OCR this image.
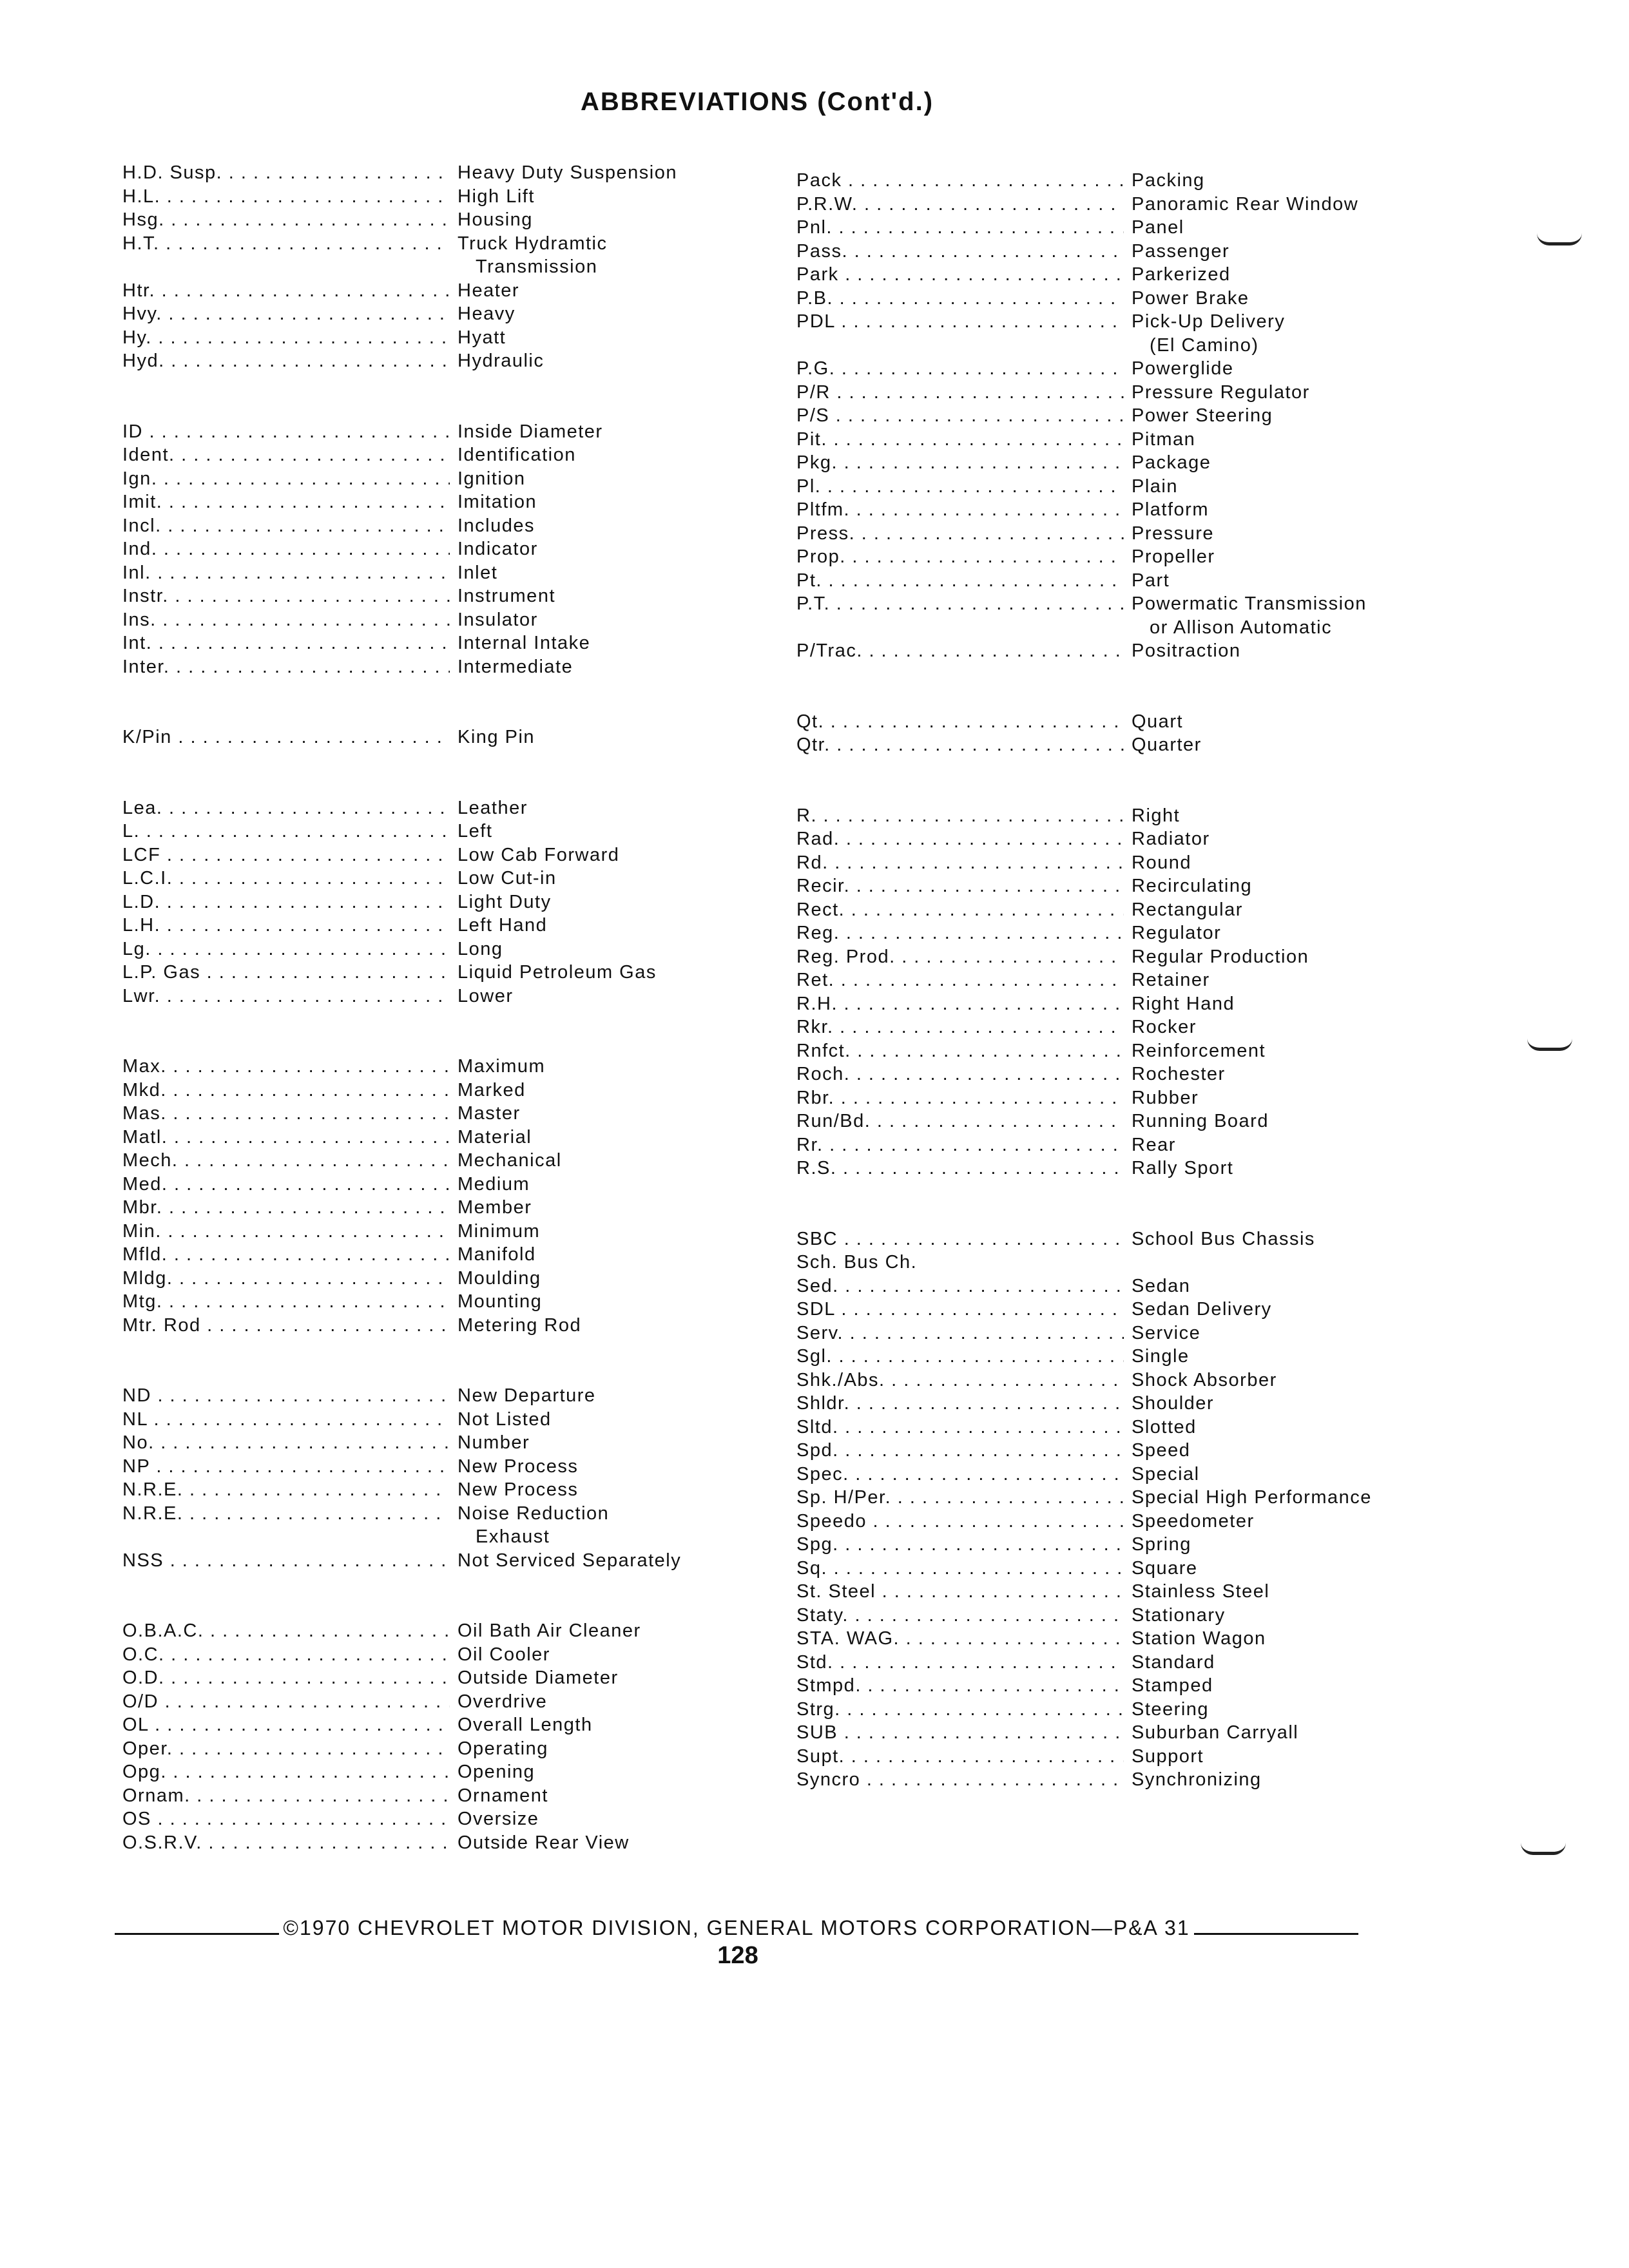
ABBREVIATIONS (Cont'd.)
H.D. Susp. . . .	Heavy Duty Suspension
H.L. . . .	High Lift
Hsg. . . .	Housing
H.T. . . .	Truck Hydramtic
Transmission
Htr. . . .	Heater
Hvy. . . .	Heavy
Hy. . . .	Hyatt
Hyd. . . .	Hydraulic
ID . . .	Inside Diameter
Ident. . . .	Identification
Ign. . . .	Ignition
Imit. . . .	Imitation
Incl. . . .	Includes
Ind. . . .	Indicator
Inl. . . .	Inlet
Instr. . . .	Instrument
Ins. . . .	Insulator
Int. . . .	Internal Intake
Inter. . . .	Intermediate
K/Pin . . .	King Pin
Lea. . . .	Leather
L. . . .	Left
LCF . . .	Low Cab Forward
L.C.I. . . .	Low Cut-in
L.D. . . .	Light Duty
L.H. . . .	Left Hand
Lg. . . .	Long
L.P. Gas . . .	Liquid Petroleum Gas
Lwr. . . .	Lower
Max. . . .	Maximum
Mkd. . . .	Marked
Mas. . . .	Master
Matl. . . .	Material
Mech. . . .	Mechanical
Med. . . .	Medium
Mbr. . . .	Member
Min. . . .	Minimum
Mfld. . . .	Manifold
Mldg. . . .	Moulding
Mtg. . . .	Mounting
Mtr. Rod . . .	Metering Rod
ND . . .	New Departure
NL . . .	Not Listed
No. . . .	Number
NP . . .	New Process
N.R.E. . . .	New Process
N.R.E. . . .	Noise Reduction
Exhaust
NSS . . .	Not Serviced Separately
O.B.A.C. . . .	Oil Bath Air Cleaner
O.C. . . .	Oil Cooler
O.D. . . .	Outside Diameter
O/D . . .	Overdrive
OL . . .	Overall Length
Oper. . . .	Operating
Opg. . . .	Opening
Ornam. . . .	Ornament
OS . . .	Oversize
O.S.R.V. . . .	Outside Rear View
Pack . . .	Packing
P.R.W. . . .	Panoramic Rear Window
Pnl. . . .	Panel
Pass. . . .	Passenger
Park . . .	Parkerized
P.B. . . .	Power Brake
PDL . . .	Pick-Up Delivery
(El Camino)
P.G. . . .	Powerglide
P/R . . .	Pressure Regulator
P/S . . .	Power Steering
Pit. . . .	Pitman
Pkg. . . .	Package
Pl. . . .	Plain
Pltfm. . . .	Platform
Press. . . .	Pressure
Prop. . . .	Propeller
Pt. . . .	Part
P.T. . . .	Powermatic Transmission
or Allison Automatic
P/Trac. . . .	Positraction
Qt. . . .	Quart
Qtr. . . .	Quarter
R. . . .	Right
Rad. . . .	Radiator
Rd. . . .	Round
Recir. . . .	Recirculating
Rect. . . .	Rectangular
Reg. . . .	Regulator
Reg. Prod. . . .	Regular Production
Ret. . . .	Retainer
R.H. . . .	Right Hand
Rkr. . . .	Rocker
Rnfct. . . .	Reinforcement
Roch. . . .	Rochester
Rbr. . . .	Rubber
Run/Bd. . . .	Running Board
Rr. . . .	Rear
R.S. . . .	Rally Sport
SBC . . .	School Bus Chassis
Sch. Bus Ch.
Sed. . . .	Sedan
SDL . . .	Sedan Delivery
Serv. . . .	Service
Sgl. . . .	Single
Shk./Abs. . . .	Shock Absorber
Shldr. . . .	Shoulder
Sltd. . . .	Slotted
Spd. . . .	Speed
Spec. . . .	Special
Sp. H/Per. . . .	Special High Performance
Speedo . . .	Speedometer
Spg. . . .	Spring
Sq. . . .	Square
St. Steel . . .	Stainless Steel
Staty. . . .	Stationary
STA. WAG. . . .	Station Wagon
Std. . . .	Standard
Stmpd. . . .	Stamped
Strg. . . .	Steering
SUB . . .	Suburban Carryall
Supt. . . .	Support
Syncro . . .	Synchronizing
©1970 CHEVROLET MOTOR DIVISION, GENERAL MOTORS CORPORATION—P&A 31
128
